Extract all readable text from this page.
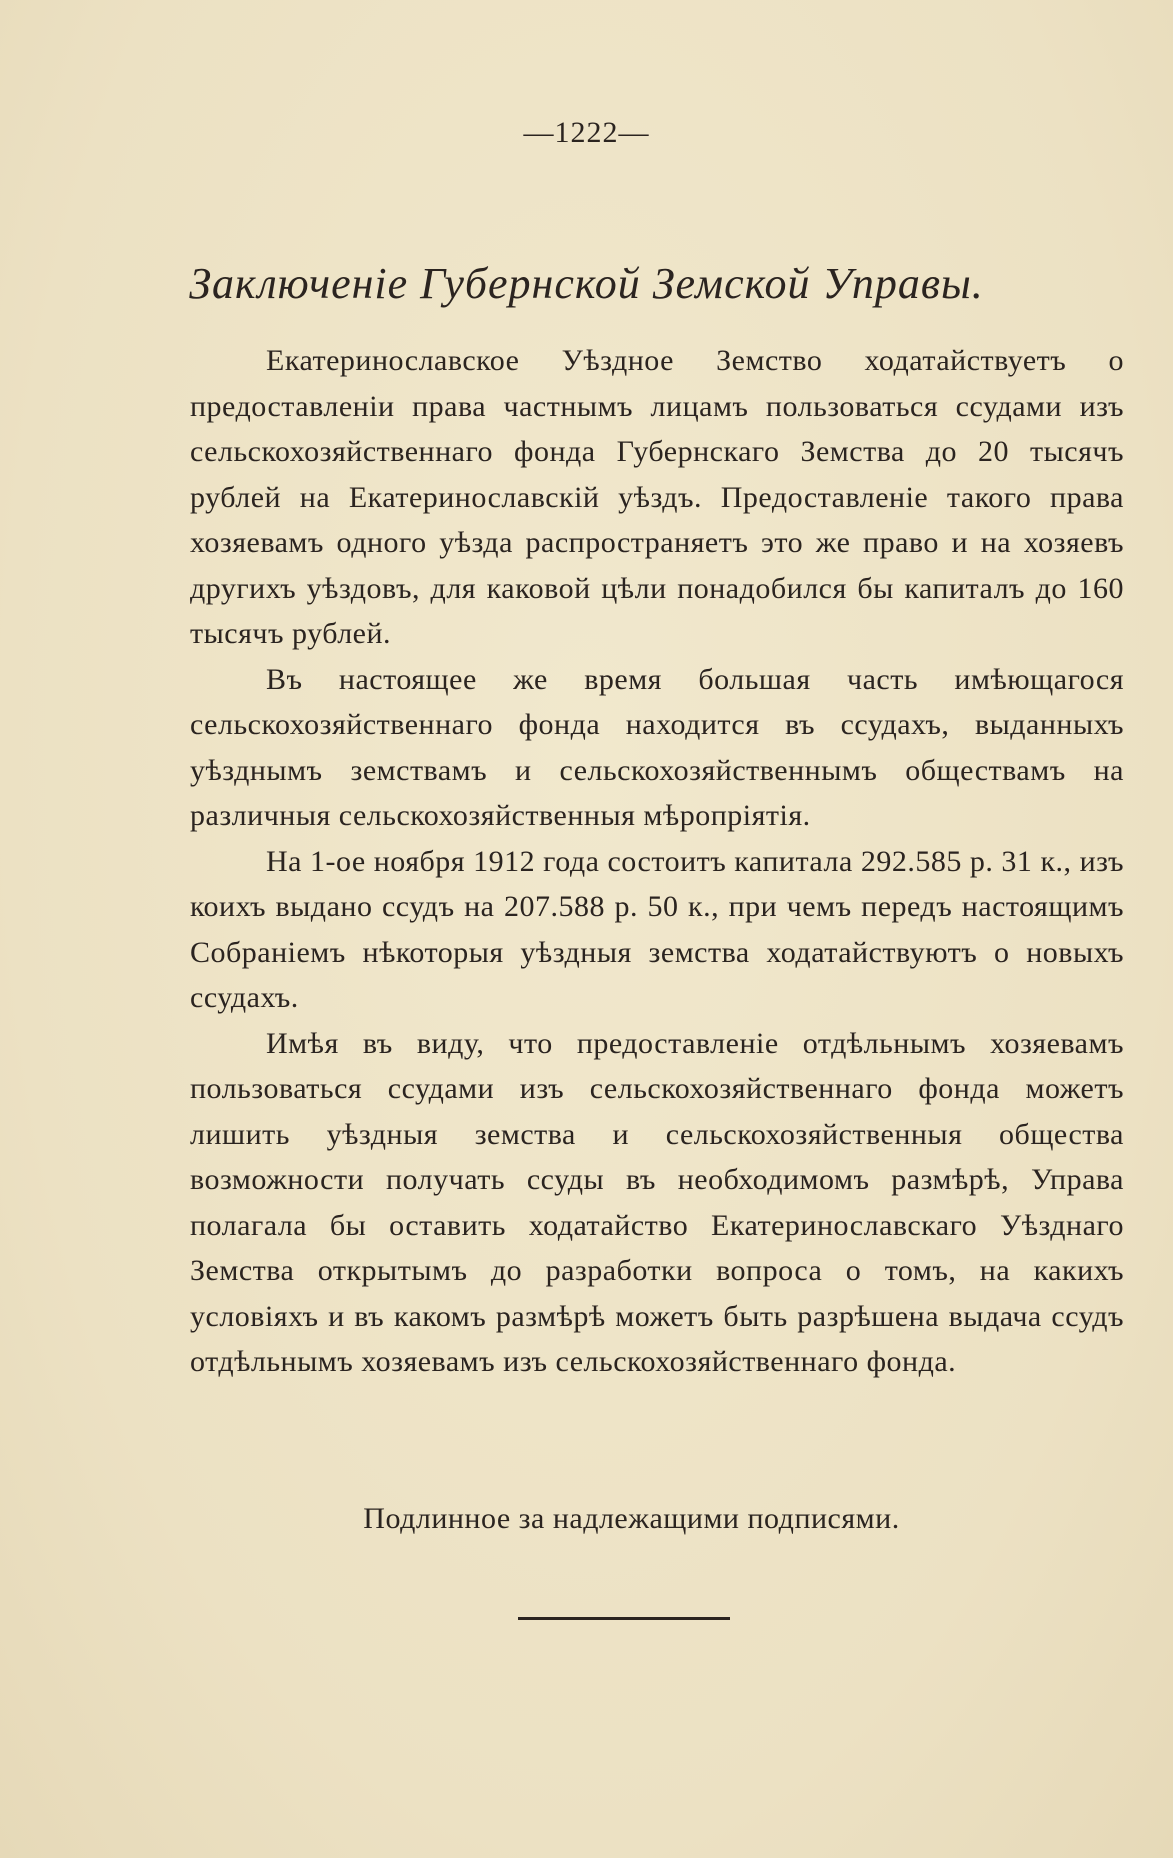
—1222—
Заключеніе Губернской Земской Управы.

Екатеринославское Уѣздное Земство ходатайствуетъ о предоставленіи права частнымъ лицамъ пользоваться ссудами изъ сельскохозяйственнаго фонда Губернскаго Земства до 20 тысячъ рублей на Екатеринославскій уѣздъ. Предоставленіе такого права хозяевамъ одного уѣзда распространяетъ это же право и на хозяевъ другихъ уѣздовъ, для каковой цѣли понадобился бы капиталъ до 160 тысячъ рублей.

Въ настоящее же время большая часть имѣющагося сельскохозяйственнаго фонда находится въ ссудахъ, выданныхъ уѣзднымъ земствамъ и сельскохозяйственнымъ обществамъ на различныя сельскохозяйственныя мѣропріятія.

На 1-ое ноября 1912 года состоитъ капитала 292.585 р. 31 к., изъ коихъ выдано ссудъ на 207.588 р. 50 к., при чемъ передъ настоящимъ Собраніемъ нѣкоторыя уѣздныя земства ходатайствуютъ о новыхъ ссудахъ.

Имѣя въ виду, что предоставленіе отдѣльнымъ хозяевамъ пользоваться ссудами изъ сельскохозяйственнаго фонда можетъ лишить уѣздныя земства и сельскохозяйственныя общества возможности получать ссуды въ необходимомъ размѣрѣ, Управа полагала бы оставить ходатайство Екатеринославскаго Уѣзднаго Земства открытымъ до разработки вопроса о томъ, на какихъ условіяхъ и въ какомъ размѣрѣ можетъ быть разрѣшена выдача ссудъ отдѣльнымъ хозяевамъ изъ сельскохозяйственнаго фонда.

Подлинное за надлежащими подписями.
